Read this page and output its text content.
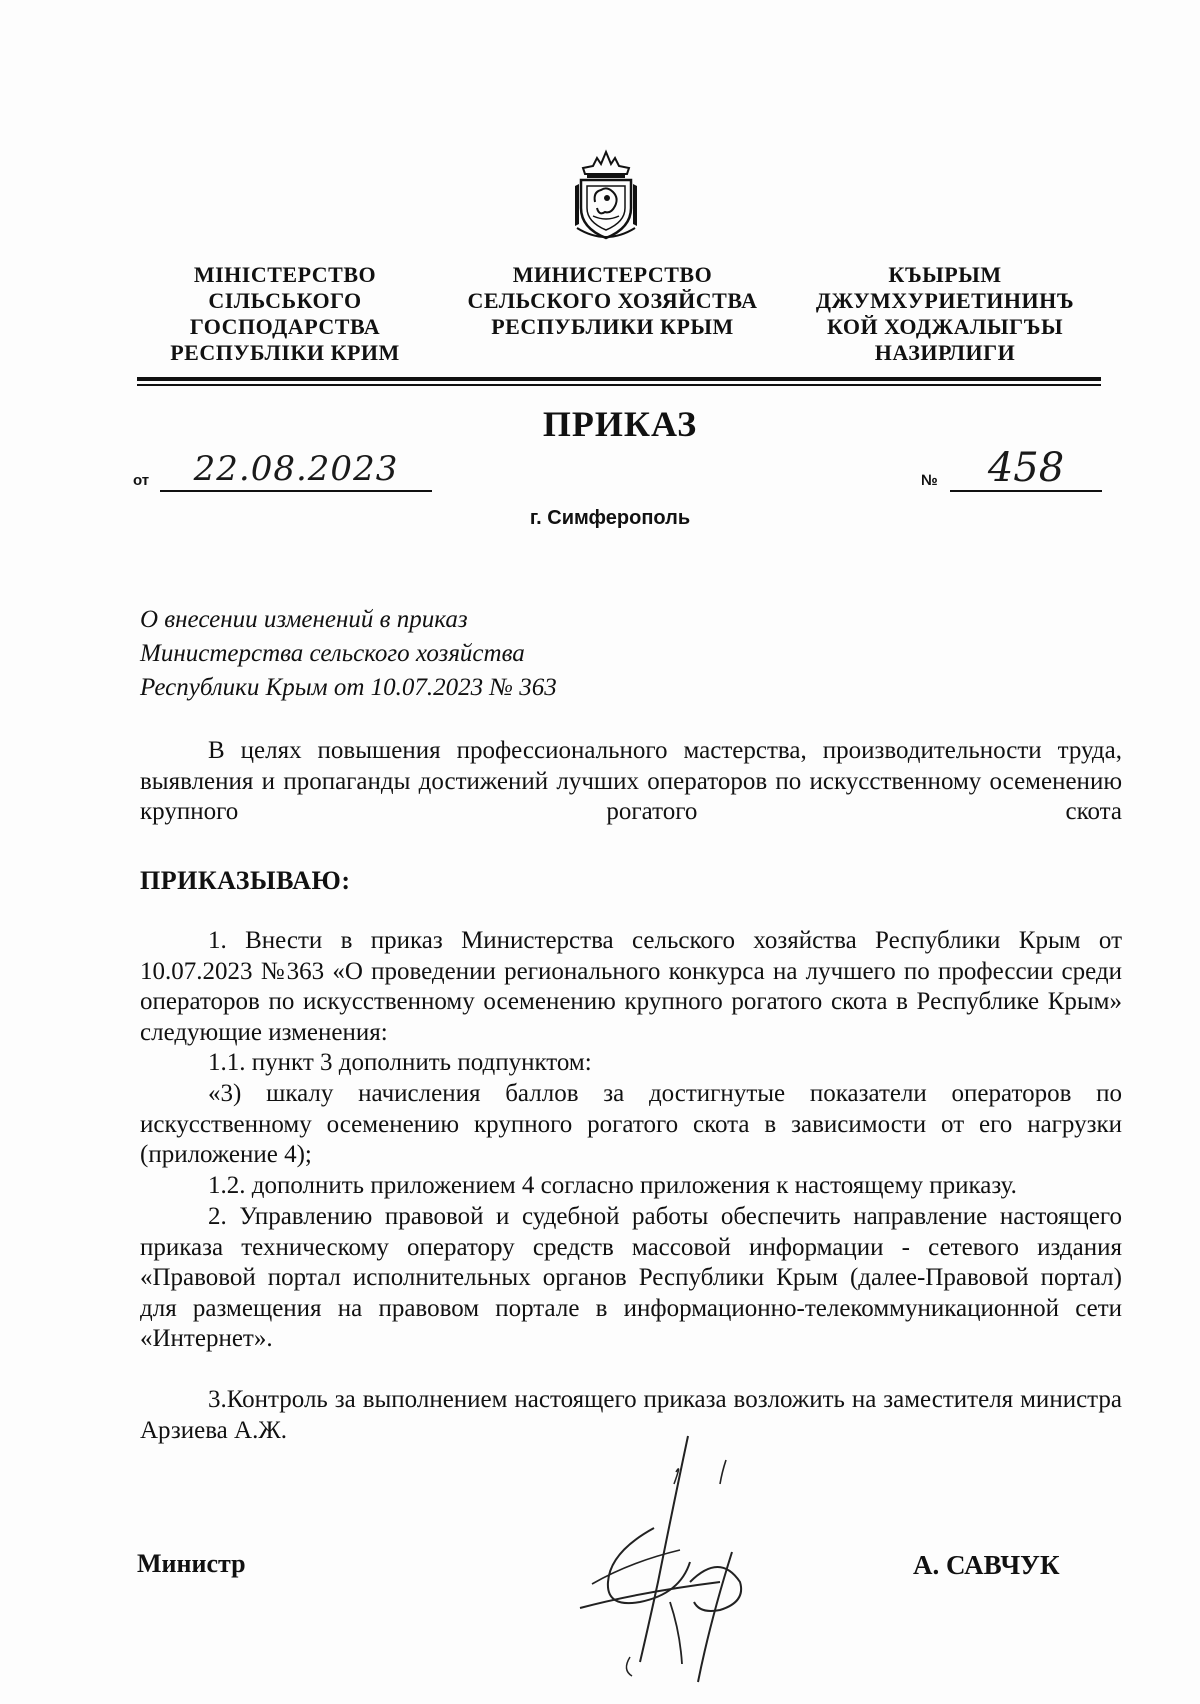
МІНІСТЕРСТВО
СІЛЬСЬКОГО
ГОСПОДАРСТВА
РЕСПУБЛІКИ КРИМ
МИНИСТЕРСТВО
СЕЛЬСКОГО ХОЗЯЙСТВА
РЕСПУБЛИКИ КРЫМ
КЪЫРЫМ
ДЖУМХУРИЕТИНИНЪ
КОЙ ХОДЖАЛЫГЪЫ
НАЗИРЛИГИ
ПРИКАЗ
от	22.08.2023	№	458
г. Симферополь
О внесении изменений в приказ
Министерства сельского хозяйства
Республики Крым от 10.07.2023 № 363
В целях повышения профессионального мастерства, производительности труда, выявления и пропаганды достижений лучших операторов по искусственному осеменению крупного рогатого скота
ПРИКАЗЫВАЮ:
1. Внести в приказ Министерства сельского хозяйства Республики Крым от 10.07.2023 №363 «О проведении регионального конкурса на лучшего по профессии среди операторов по искусственному осеменению крупного рогатого скота в Республике Крым» следующие изменения:
1.1. пункт 3 дополнить подпунктом:
«3) шкалу начисления баллов за достигнутые показатели операторов по искусственному осеменению крупного рогатого скота в зависимости от его нагрузки (приложение 4);
1.2. дополнить приложением 4 согласно приложения к настоящему приказу.
2. Управлению правовой и судебной работы обеспечить направление настоящего приказа техническому оператору средств массовой информации - сетевого издания «Правовой портал исполнительных органов Республики Крым (далее-Правовой портал) для размещения на правовом портале в информационно-телекоммуникационной сети «Интернет».
3.Контроль за выполнением настоящего приказа возложить на заместителя министра Арзиева А.Ж.
Министр	А. САВЧУК
